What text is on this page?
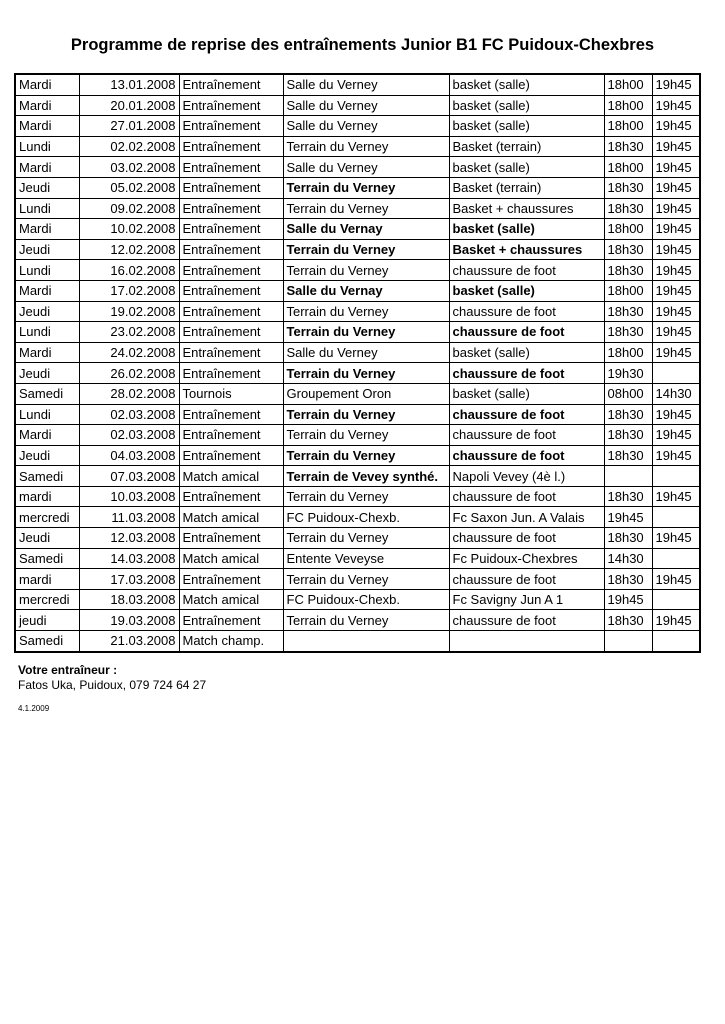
Programme de reprise des entraînements Junior B1 FC Puidoux-Chexbres
Mardi	13.01.2008	Entraînement	Salle du Verney	basket (salle)	18h00	19h45
Mardi	20.01.2008	Entraînement	Salle du Verney	basket (salle)	18h00	19h45
Mardi	27.01.2008	Entraînement	Salle du Verney	basket (salle)	18h00	19h45
Lundi	02.02.2008	Entraînement	Terrain du Verney	Basket (terrain)	18h30	19h45
Mardi	03.02.2008	Entraînement	Salle du Verney	basket (salle)	18h00	19h45
Jeudi	05.02.2008	Entraînement	Terrain du Verney	Basket (terrain)	18h30	19h45
Lundi	09.02.2008	Entraînement	Terrain du Verney	Basket + chaussures	18h30	19h45
Mardi	10.02.2008	Entraînement	Salle du Vernay	basket (salle)	18h00	19h45
Jeudi	12.02.2008	Entraînement	Terrain du Verney	Basket + chaussures	18h30	19h45
Lundi	16.02.2008	Entraînement	Terrain du Verney	chaussure de foot	18h30	19h45
Mardi	17.02.2008	Entraînement	Salle du Vernay	basket (salle)	18h00	19h45
Jeudi	19.02.2008	Entraînement	Terrain du Verney	chaussure de foot	18h30	19h45
Lundi	23.02.2008	Entraînement	Terrain du Verney	chaussure de foot	18h30	19h45
Mardi	24.02.2008	Entraînement	Salle du Verney	basket (salle)	18h00	19h45
Jeudi	26.02.2008	Entraînement	Terrain du Verney	chaussure de foot	19h30	
Samedi	28.02.2008	Tournois	Groupement Oron	basket (salle)	08h00	14h30
Lundi	02.03.2008	Entraînement	Terrain du Verney	chaussure de foot	18h30	19h45
Mardi	02.03.2008	Entraînement	Terrain du Verney	chaussure de foot	18h30	19h45
Jeudi	04.03.2008	Entraînement	Terrain du Verney	chaussure de foot	18h30	19h45
Samedi	07.03.2008	Match amical	Terrain de Vevey synthé.	Napoli Vevey (4è l.)		
mardi	10.03.2008	Entraînement	Terrain du Verney	chaussure de foot	18h30	19h45
mercredi	11.03.2008	Match amical	FC Puidoux-Chexb.	Fc Saxon Jun. A Valais	19h45	
Jeudi	12.03.2008	Entraînement	Terrain du Verney	chaussure de foot	18h30	19h45
Samedi	14.03.2008	Match amical	Entente Veveyse	Fc Puidoux-Chexbres	14h30	
mardi	17.03.2008	Entraînement	Terrain du Verney	chaussure de foot	18h30	19h45
mercredi	18.03.2008	Match amical	FC Puidoux-Chexb.	Fc Savigny Jun A 1	19h45	
jeudi	19.03.2008	Entraînement	Terrain du Verney	chaussure de foot	18h30	19h45
Samedi	21.03.2008	Match champ.				

Votre entraîneur :

Fatos Uka, Puidoux, 079 724 64 27

4.1.2009
